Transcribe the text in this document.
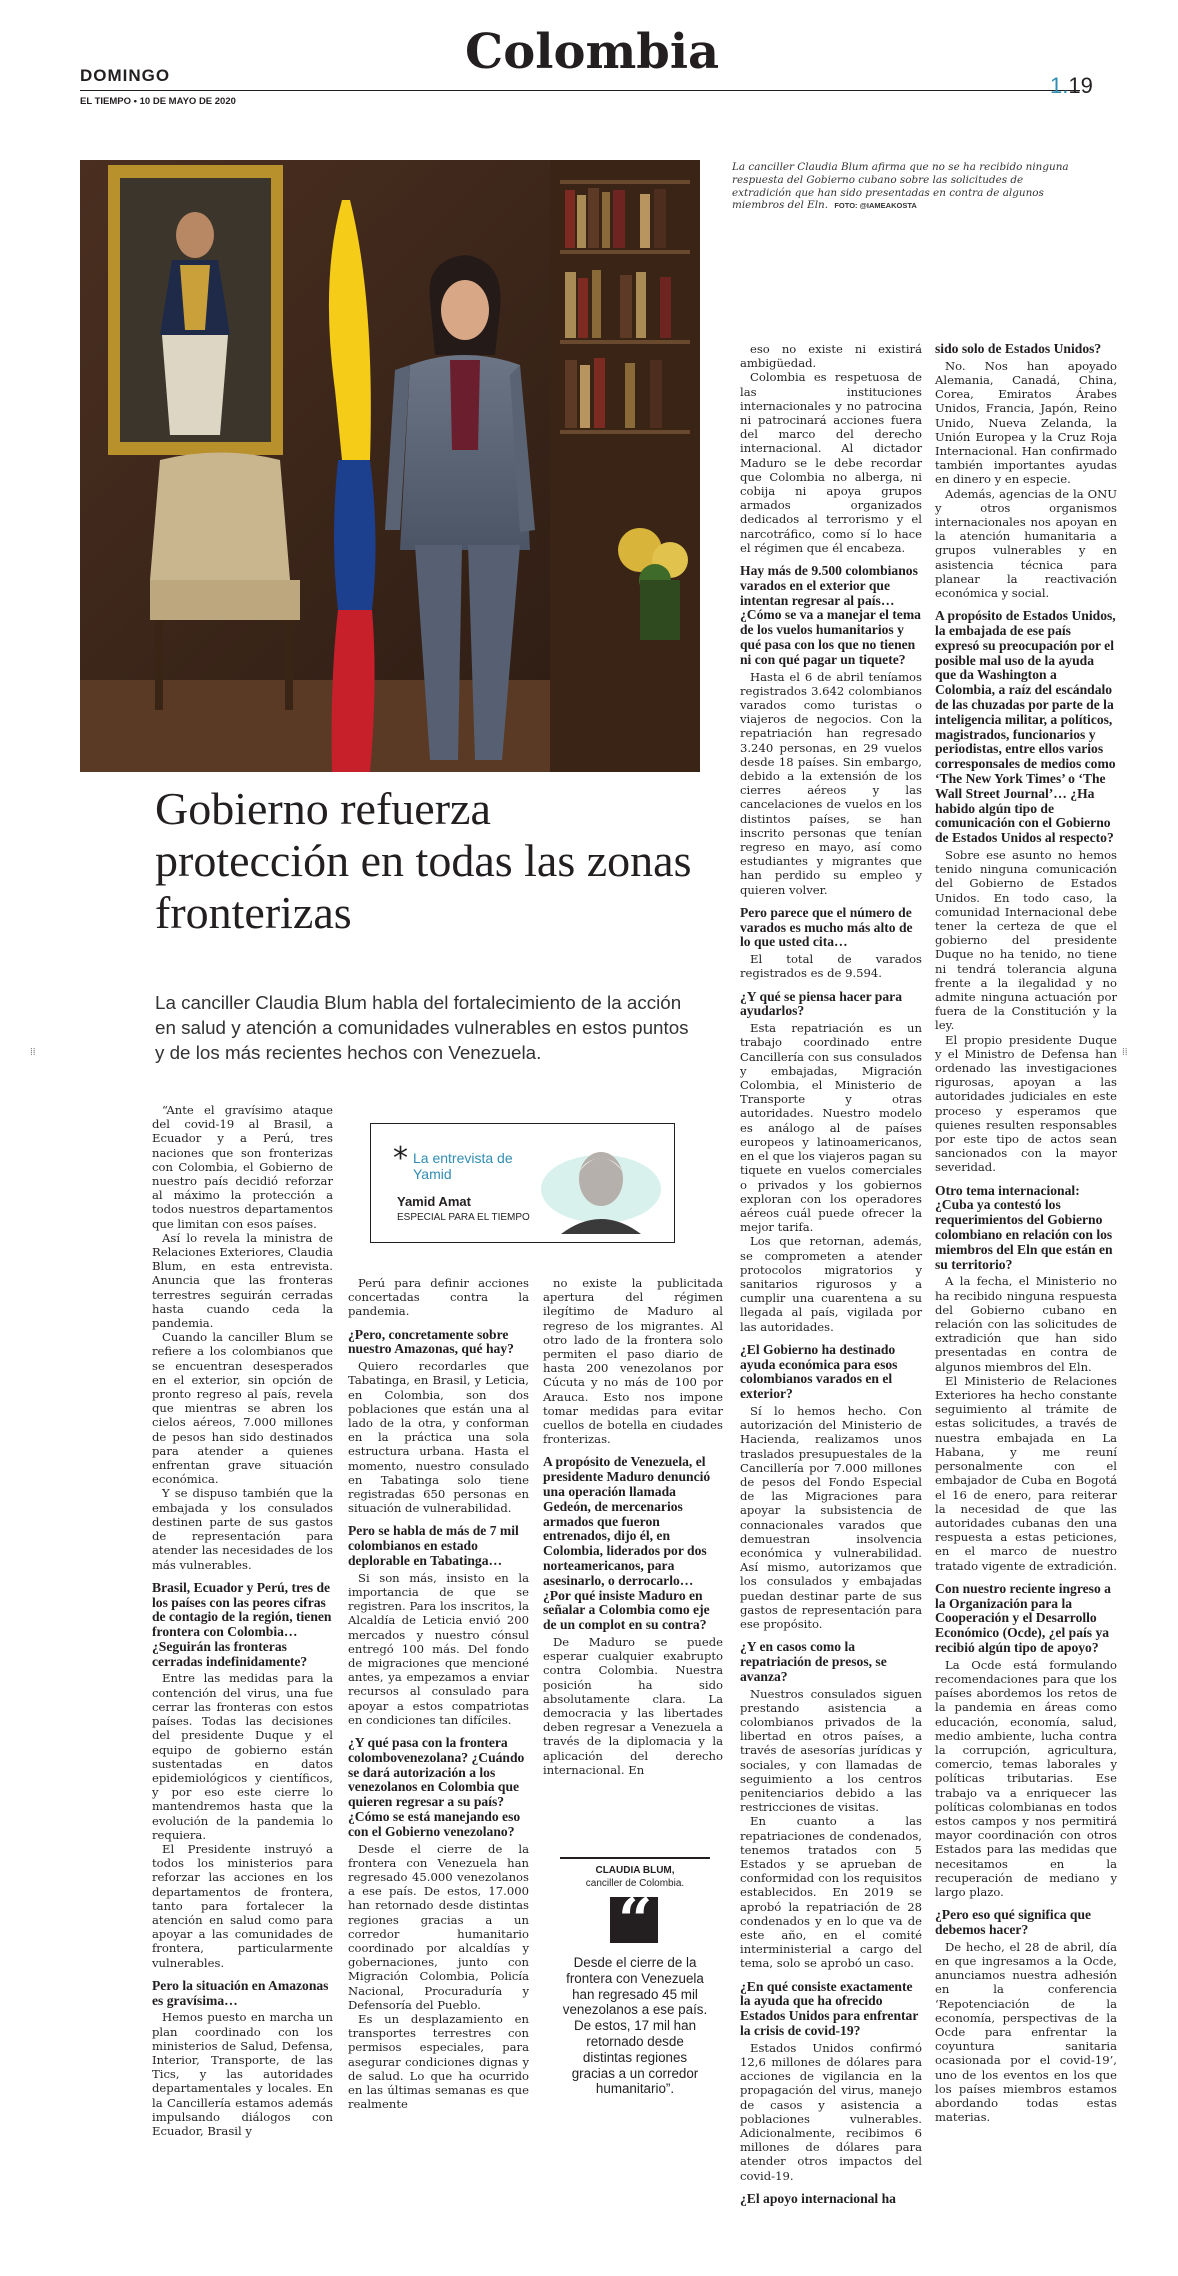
DOMINGO
EL TIEMPO • 10 DE MAYO DE 2020
Colombia
1.19
La canciller Claudia Blum afirma que no se ha recibido ninguna respuesta del Gobierno cubano sobre las solicitudes de extradición que han sido presentadas en contra de algunos miembros del Eln. FOTO: @IAMEAKOSTA
Gobierno refuerza protección en todas las zonas fronterizas
La canciller Claudia Blum habla del fortalecimiento de la acción en salud y atención a comunidades vulnerables en estos puntos y de los más recientes hechos con Venezuela.
⁞⁞	⁞⁞

“Ante el gravísimo ataque del covid-19 al Brasil, a Ecuador y a Perú, tres naciones que son fronterizas con Colombia, el Gobierno de nuestro país decidió reforzar al máximo la protección a todos nuestros departamentos que limitan con esos países.

Así lo revela la ministra de Relaciones Exteriores, Claudia Blum, en esta entrevista. Anuncia que las fronteras terrestres seguirán cerradas hasta cuando ceda la pandemia.

Cuando la canciller Blum se refiere a los colombianos que se encuentran desesperados en el exterior, sin opción de pronto regreso al país, revela que mientras se abren los cielos aéreos, 7.000 millones de pesos han sido destinados para atender a quienes enfrentan grave situación económica.

Y se dispuso también que la embajada y los consulados destinen parte de sus gastos de representación para atender las necesidades de los más vulnerables.

Brasil, Ecuador y Perú, tres de los países con las peores cifras de contagio de la región, tienen frontera con Colombia… ¿Seguirán las fronteras cerradas indefinidamente?

Entre las medidas para la contención del virus, una fue cerrar las fronteras con estos países. Todas las decisiones del presidente Duque y el equipo de gobierno están sustentadas en datos epidemiológicos y científicos, y por eso este cierre lo mantendremos hasta que la evolución de la pandemia lo requiera.

El Presidente instruyó a todos los ministerios para reforzar las acciones en los departamentos de frontera, tanto para fortalecer la atención en salud como para apoyar a las comunidades de frontera, particularmente vulnerables.

Pero la situación en Amazonas es gravísima…

Hemos puesto en marcha un plan coordinado con los ministerios de Salud, Defensa, Interior, Transporte, de las Tics, y las autoridades departamentales y locales. En la Cancillería estamos además impulsando diálogos con Ecuador, Brasil y

* La entrevista de Yamid
Yamid Amat
ESPECIAL PARA EL TIEMPO

Perú para definir acciones concertadas contra la pandemia.

¿Pero, concretamente sobre nuestro Amazonas, qué hay?

Quiero recordarles que Tabatinga, en Brasil, y Leticia, en Colombia, son dos poblaciones que están una al lado de la otra, y conforman en la práctica una sola estructura urbana. Hasta el momento, nuestro consulado en Tabatinga solo tiene registradas 650 personas en situación de vulnerabilidad.

Pero se habla de más de 7 mil colombianos en estado deplorable en Tabatinga…

Si son más, insisto en la importancia de que se registren. Para los inscritos, la Alcaldía de Leticia envió 200 mercados y nuestro cónsul entregó 100 más. Del fondo de migraciones que mencioné antes, ya empezamos a enviar recursos al consulado para apoyar a estos compatriotas en condiciones tan difíciles.

¿Y qué pasa con la frontera colombovenezolana? ¿Cuándo se dará autorización a los venezolanos en Colombia que quieren regresar a su país? ¿Cómo se está manejando eso con el Gobierno venezolano?

Desde el cierre de la frontera con Venezuela han regresado 45.000 venezolanos a ese país. De estos, 17.000 han retornado desde distintas regiones gracias a un corredor humanitario coordinado por alcaldías y gobernaciones, junto con Migración Colombia, Policía Nacional, Procuraduría y Defensoría del Pueblo.

Es un desplazamiento en transportes terrestres con permisos especiales, para asegurar condiciones dignas y de salud. Lo que ha ocurrido en las últimas semanas es que realmente

no existe la publicitada apertura del régimen ilegítimo de Maduro al regreso de los migrantes. Al otro lado de la frontera solo permiten el paso diario de hasta 200 venezolanos por Cúcuta y no más de 100 por Arauca. Esto nos impone tomar medidas para evitar cuellos de botella en ciudades fronterizas.

A propósito de Venezuela, el presidente Maduro denunció una operación llamada Gedeón, de mercenarios armados que fueron entrenados, dijo él, en Colombia, liderados por dos norteamericanos, para asesinarlo, o derrocarlo… ¿Por qué insiste Maduro en señalar a Colombia como eje de un complot en su contra?

De Maduro se puede esperar cualquier exabrupto contra Colombia. Nuestra posición ha sido absolutamente clara. La democracia y las libertades deben regresar a Venezuela a través de la diplomacia y la aplicación del derecho internacional. En

CLAUDIA BLUM,
canciller de Colombia.
“
Desde el cierre de la frontera con Venezuela han regresado 45 mil venezolanos a ese país. De estos, 17 mil han retornado desde distintas regiones gracias a un corredor humanitario”.

eso no existe ni existirá ambigüedad.

Colombia es respetuosa de las instituciones internacionales y no patrocina ni patrocinará acciones fuera del marco del derecho internacional. Al dictador Maduro se le debe recordar que Colombia no alberga, ni cobija ni apoya grupos armados organizados dedicados al terrorismo y el narcotráfico, como sí lo hace el régimen que él encabeza.

Hay más de 9.500 colombianos varados en el exterior que intentan regresar al país… ¿Cómo se va a manejar el tema de los vuelos humanitarios y qué pasa con los que no tienen ni con qué pagar un tiquete?

Hasta el 6 de abril teníamos registrados 3.642 colombianos varados como turistas o viajeros de negocios. Con la repatriación han regresado 3.240 personas, en 29 vuelos desde 18 países. Sin embargo, debido a la extensión de los cierres aéreos y las cancelaciones de vuelos en los distintos países, se han inscrito personas que tenían regreso en mayo, así como estudiantes y migrantes que han perdido su empleo y quieren volver.

Pero parece que el número de varados es mucho más alto de lo que usted cita…

El total de varados registrados es de 9.594.

¿Y qué se piensa hacer para ayudarlos?

Esta repatriación es un trabajo coordinado entre Cancillería con sus consulados y embajadas, Migración Colombia, el Ministerio de Transporte y otras autoridades. Nuestro modelo es análogo al de países europeos y latinoamericanos, en el que los viajeros pagan su tiquete en vuelos comerciales o privados y los gobiernos exploran con los operadores aéreos cuál puede ofrecer la mejor tarifa.

Los que retornan, además, se comprometen a atender protocolos migratorios y sanitarios rigurosos y a cumplir una cuarentena a su llegada al país, vigilada por las autoridades.

¿El Gobierno ha destinado ayuda económica para esos colombianos varados en el exterior?

Sí lo hemos hecho. Con autorización del Ministerio de Hacienda, realizamos unos traslados presupuestales de la Cancillería por 7.000 millones de pesos del Fondo Especial de las Migraciones para apoyar la subsistencia de connacionales varados que demuestran insolvencia económica y vulnerabilidad. Así mismo, autorizamos que los consulados y embajadas puedan destinar parte de sus gastos de representación para ese propósito.

¿Y en casos como la repatriación de presos, se avanza?

Nuestros consulados siguen prestando asistencia a colombianos privados de la libertad en otros países, a través de asesorías jurídicas y sociales, y con llamadas de seguimiento a los centros penitenciarios debido a las restricciones de visitas.

En cuanto a las repatriaciones de condenados, tenemos tratados con 5 Estados y se aprueban de conformidad con los requisitos establecidos. En 2019 se aprobó la repatriación de 28 condenados y en lo que va de este año, en el comité interministerial a cargo del tema, solo se aprobó un caso.

¿En qué consiste exactamente la ayuda que ha ofrecido Estados Unidos para enfrentar la crisis de covid-19?

Estados Unidos confirmó 12,6 millones de dólares para acciones de vigilancia en la propagación del virus, manejo de casos y asistencia a poblaciones vulnerables. Adicionalmente, recibimos 6 millones de dólares para atender otros impactos del covid-19.

¿El apoyo internacional ha
sido solo de Estados Unidos?

No. Nos han apoyado Alemania, Canadá, China, Corea, Emiratos Árabes Unidos, Francia, Japón, Reino Unido, Nueva Zelanda, la Unión Europea y la Cruz Roja Internacional. Han confirmado también importantes ayudas en dinero y en especie.

Además, agencias de la ONU y otros organismos internacionales nos apoyan en la atención humanitaria a grupos vulnerables y en asistencia técnica para planear la reactivación económica y social.

A propósito de Estados Unidos, la embajada de ese país expresó su preocupación por el posible mal uso de la ayuda que da Washington a Colombia, a raíz del escándalo de las chuzadas por parte de la inteligencia militar, a políticos, magistrados, funcionarios y periodistas, entre ellos varios corresponsales de medios como ‘The New York Times’ o ‘The Wall Street Journal’… ¿Ha habido algún tipo de comunicación con el Gobierno de Estados Unidos al respecto?

Sobre ese asunto no hemos tenido ninguna comunicación del Gobierno de Estados Unidos. En todo caso, la comunidad Internacional debe tener la certeza de que el gobierno del presidente Duque no ha tenido, no tiene ni tendrá tolerancia alguna frente a la ilegalidad y no admite ninguna actuación por fuera de la Constitución y la ley.

El propio presidente Duque y el Ministro de Defensa han ordenado las investigaciones rigurosas, apoyan a las autoridades judiciales en este proceso y esperamos que quienes resulten responsables por este tipo de actos sean sancionados con la mayor severidad.

Otro tema internacional: ¿Cuba ya contestó los requerimientos del Gobierno colombiano en relación con los miembros del Eln que están en su territorio?

A la fecha, el Ministerio no ha recibido ninguna respuesta del Gobierno cubano en relación con las solicitudes de extradición que han sido presentadas en contra de algunos miembros del Eln.

El Ministerio de Relaciones Exteriores ha hecho constante seguimiento al trámite de estas solicitudes, a través de nuestra embajada en La Habana, y me reuní personalmente con el embajador de Cuba en Bogotá el 16 de enero, para reiterar la necesidad de que las autoridades cubanas den una respuesta a estas peticiones, en el marco de nuestro tratado vigente de extradición.

Con nuestro reciente ingreso a la Organización para la Cooperación y el Desarrollo Económico (Ocde), ¿el país ya recibió algún tipo de apoyo?

La Ocde está formulando recomendaciones para que los países abordemos los retos de la pandemia en áreas como educación, economía, salud, medio ambiente, lucha contra la corrupción, agricultura, comercio, temas laborales y políticas tributarias. Ese trabajo va a enriquecer las políticas colombianas en todos estos campos y nos permitirá mayor coordinación con otros Estados para las medidas que necesitamos en la recuperación de mediano y largo plazo.

¿Pero eso qué significa que debemos hacer?

De hecho, el 28 de abril, día en que ingresamos a la Ocde, anunciamos nuestra adhesión en la conferencia ‘Repotenciación de la economía, perspectivas de la Ocde para enfrentar la coyuntura sanitaria ocasionada por el covid-19’, uno de los eventos en los que los países miembros estamos abordando todas estas materias.
